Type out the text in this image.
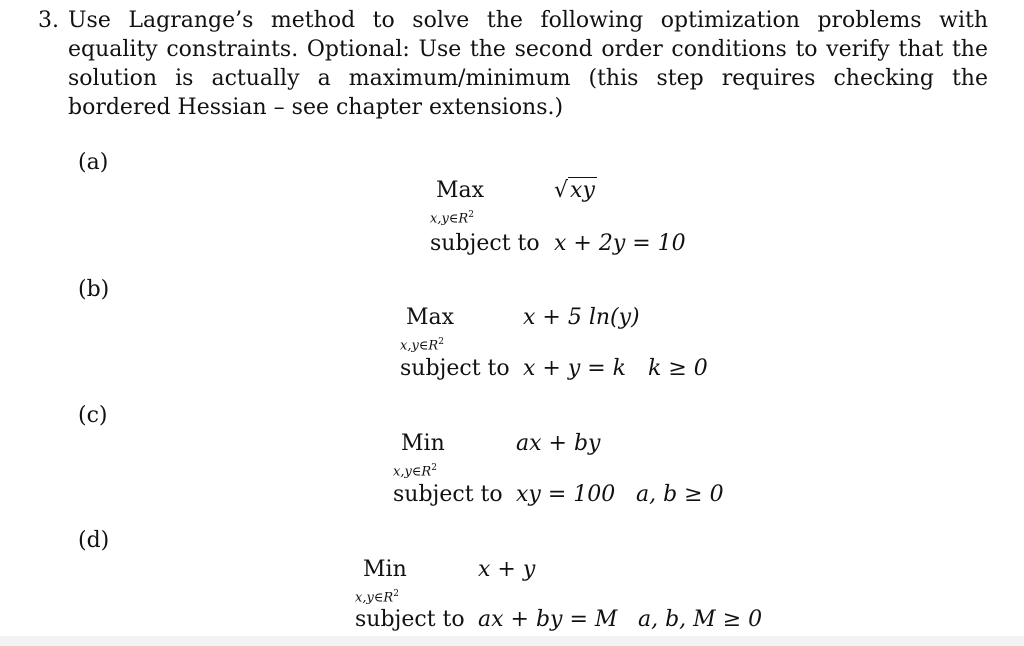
3. Use Lagrange’s method to solve the following optimization problems with equality constraints. Optional: Use the second order conditions to verify that the solution is actually a maximum/minimum (this step requires checking the bordered Hessian – see chapter extensions.)
(a)
Max
$x,y\in R^2$
√xy
subject to x + 2y = 10
(b)
Max
$x,y\in R^2$
x + 5 ln(y)
subject to x + y = k k ≥ 0
(c)
Min
$x,y\in R^2$
ax + by
subject to xy = 100 a, b ≥ 0
(d)
Min
$x,y\in R^2$
x + y
subject to ax + by = M a, b, M ≥ 0
